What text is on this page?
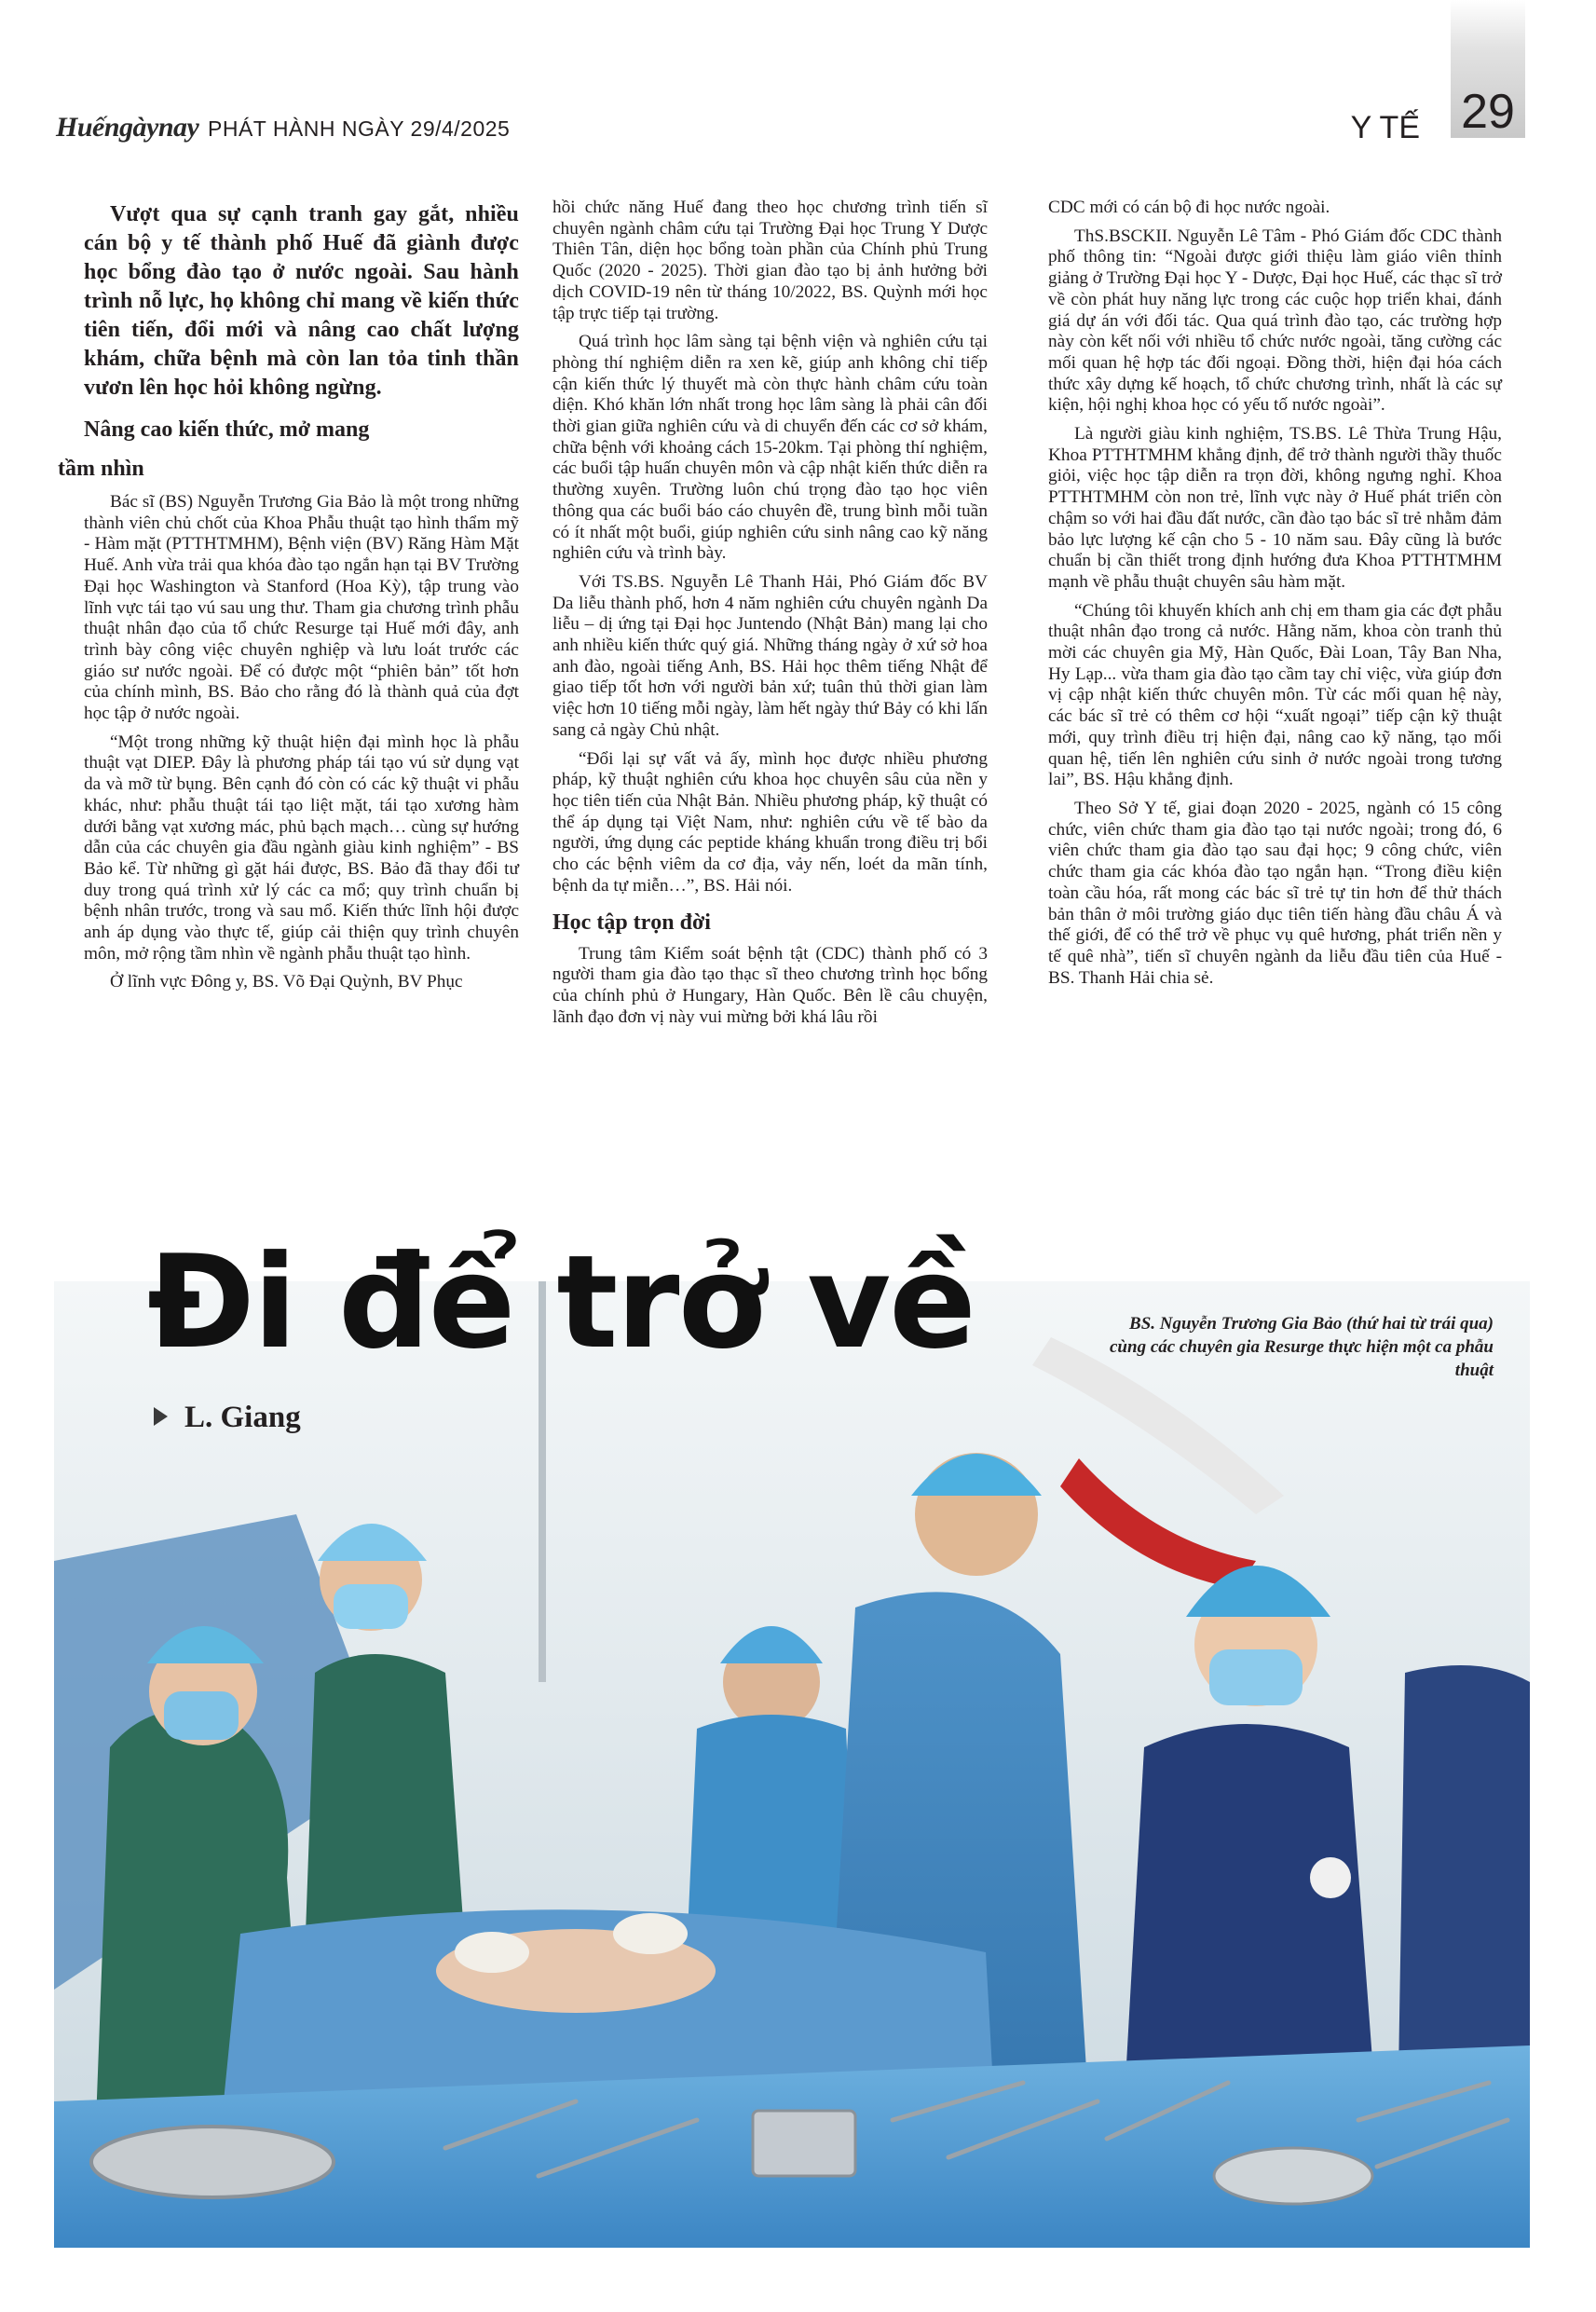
Huếngàynay PHÁT HÀNH NGÀY 29/4/2025	Y TẾ 29

Vượt qua sự cạnh tranh gay gắt, nhiều cán bộ y tế thành phố Huế đã giành được học bổng đào tạo ở nước ngoài. Sau hành trình nỗ lực, họ không chỉ mang về kiến thức tiên tiến, đổi mới và nâng cao chất lượng khám, chữa bệnh mà còn lan tỏa tinh thần vươn lên học hỏi không ngừng.

Nâng cao kiến thức, mở mang
tầm nhìn

Bác sĩ (BS) Nguyễn Trương Gia Bảo là một trong những thành viên chủ chốt của Khoa Phẫu thuật tạo hình thẩm mỹ - Hàm mặt (PTTHTMHM), Bệnh viện (BV) Răng Hàm Mặt Huế. Anh vừa trải qua khóa đào tạo ngắn hạn tại BV Trường Đại học Washington và Stanford (Hoa Kỳ), tập trung vào lĩnh vực tái tạo vú sau ung thư. Tham gia chương trình phẫu thuật nhân đạo của tổ chức Resurge tại Huế mới đây, anh trình bày công việc chuyên nghiệp và lưu loát trước các giáo sư nước ngoài. Để có được một “phiên bản” tốt hơn của chính mình, BS. Bảo cho rằng đó là thành quả của đợt học tập ở nước ngoài.

“Một trong những kỹ thuật hiện đại mình học là phẫu thuật vạt DIEP. Đây là phương pháp tái tạo vú sử dụng vạt da và mỡ từ bụng. Bên cạnh đó còn có các kỹ thuật vi phẫu khác, như: phẫu thuật tái tạo liệt mặt, tái tạo xương hàm dưới bằng vạt xương mác, phủ bạch mạch… cùng sự hướng dẫn của các chuyên gia đầu ngành giàu kinh nghiệm” - BS Bảo kể. Từ những gì gặt hái được, BS. Bảo đã thay đổi tư duy trong quá trình xử lý các ca mổ; quy trình chuẩn bị bệnh nhân trước, trong và sau mổ. Kiến thức lĩnh hội được anh áp dụng vào thực tế, giúp cải thiện quy trình chuyên môn, mở rộng tầm nhìn về ngành phẫu thuật tạo hình.

Ở lĩnh vực Đông y, BS. Võ Đại Quỳnh, BV Phục

hồi chức năng Huế đang theo học chương trình tiến sĩ chuyên ngành châm cứu tại Trường Đại học Trung Y Dược Thiên Tân, diện học bổng toàn phần của Chính phủ Trung Quốc (2020 - 2025). Thời gian đào tạo bị ảnh hưởng bởi dịch COVID-19 nên từ tháng 10/2022, BS. Quỳnh mới học tập trực tiếp tại trường.

Quá trình học lâm sàng tại bệnh viện và nghiên cứu tại phòng thí nghiệm diễn ra xen kẽ, giúp anh không chỉ tiếp cận kiến thức lý thuyết mà còn thực hành châm cứu toàn diện. Khó khăn lớn nhất trong học lâm sàng là phải cân đối thời gian giữa nghiên cứu và di chuyển đến các cơ sở khám, chữa bệnh với khoảng cách 15-20km. Tại phòng thí nghiệm, các buổi tập huấn chuyên môn và cập nhật kiến thức diễn ra thường xuyên. Trường luôn chú trọng đào tạo học viên thông qua các buổi báo cáo chuyên đề, trung bình mỗi tuần có ít nhất một buổi, giúp nghiên cứu sinh nâng cao kỹ năng nghiên cứu và trình bày.

Với TS.BS. Nguyễn Lê Thanh Hải, Phó Giám đốc BV Da liễu thành phố, hơn 4 năm nghiên cứu chuyên ngành Da liễu – dị ứng tại Đại học Juntendo (Nhật Bản) mang lại cho anh nhiều kiến thức quý giá. Những tháng ngày ở xứ sở hoa anh đào, ngoài tiếng Anh, BS. Hải học thêm tiếng Nhật để giao tiếp tốt hơn với người bản xứ; tuân thủ thời gian làm việc hơn 10 tiếng mỗi ngày, làm hết ngày thứ Bảy có khi lấn sang cả ngày Chủ nhật.

“Đổi lại sự vất vả ấy, mình học được nhiều phương pháp, kỹ thuật nghiên cứu khoa học chuyên sâu của nền y học tiên tiến của Nhật Bản. Nhiều phương pháp, kỹ thuật có thể áp dụng tại Việt Nam, như: nghiên cứu về tế bào da người, ứng dụng các peptide kháng khuẩn trong điều trị bổi cho các bệnh viêm da cơ địa, vảy nến, loét da mãn tính, bệnh da tự miễn…”, BS. Hải nói.

Học tập trọn đời

Trung tâm Kiểm soát bệnh tật (CDC) thành phố có 3 người tham gia đào tạo thạc sĩ theo chương trình học bổng của chính phủ ở Hungary, Hàn Quốc. Bên lề câu chuyện, lãnh đạo đơn vị này vui mừng bởi khá lâu rồi

CDC mới có cán bộ đi học nước ngoài.

ThS.BSCKII. Nguyễn Lê Tâm - Phó Giám đốc CDC thành phố thông tin: “Ngoài được giới thiệu làm giáo viên thỉnh giảng ở Trường Đại học Y - Dược, Đại học Huế, các thạc sĩ trở về còn phát huy năng lực trong các cuộc họp triển khai, đánh giá dự án với đối tác. Qua quá trình đào tạo, các trường hợp này còn kết nối với nhiều tổ chức nước ngoài, tăng cường các mối quan hệ hợp tác đối ngoại. Đồng thời, hiện đại hóa cách thức xây dựng kế hoạch, tổ chức chương trình, nhất là các sự kiện, hội nghị khoa học có yếu tố nước ngoài”.

Là người giàu kinh nghiệm, TS.BS. Lê Thừa Trung Hậu, Khoa PTTHTMHM khẳng định, để trở thành người thầy thuốc giỏi, việc học tập diễn ra trọn đời, không ngưng nghỉ. Khoa PTTHTMHM còn non trẻ, lĩnh vực này ở Huế phát triển còn chậm so với hai đầu đất nước, cần đào tạo bác sĩ trẻ nhằm đảm bảo lực lượng kế cận cho 5 - 10 năm sau. Đây cũng là bước chuẩn bị cần thiết trong định hướng đưa Khoa PTTHTMHM mạnh về phẫu thuật chuyên sâu hàm mặt.

“Chúng tôi khuyến khích anh chị em tham gia các đợt phẫu thuật nhân đạo trong cả nước. Hằng năm, khoa còn tranh thủ mời các chuyên gia Mỹ, Hàn Quốc, Đài Loan, Tây Ban Nha, Hy Lạp... vừa tham gia đào tạo cầm tay chỉ việc, vừa giúp đơn vị cập nhật kiến thức chuyên môn. Từ các mối quan hệ này, các bác sĩ trẻ có thêm cơ hội “xuất ngoại” tiếp cận kỹ thuật mới, quy trình điều trị hiện đại, nâng cao kỹ năng, tạo mối quan hệ, tiến lên nghiên cứu sinh ở nước ngoài trong tương lai”, BS. Hậu khẳng định.

Theo Sở Y tế, giai đoạn 2020 - 2025, ngành có 15 công chức, viên chức tham gia đào tạo tại nước ngoài; trong đó, 6 viên chức tham gia đào tạo sau đại học; 9 công chức, viên chức tham gia các khóa đào tạo ngắn hạn. “Trong điều kiện toàn cầu hóa, rất mong các bác sĩ trẻ tự tin hơn để thử thách bản thân ở môi trường giáo dục tiên tiến hàng đầu châu Á và thế giới, để có thể trở về phục vụ quê hương, phát triển nền y tế quê nhà”, tiến sĩ chuyên ngành da liễu đầu tiên của Huế - BS. Thanh Hải chia sẻ.

Đi để trở về
L. Giang
BS. Nguyễn Trương Gia Bảo (thứ hai từ trái qua) cùng các chuyên gia Resurge thực hiện một ca phẫu thuật
